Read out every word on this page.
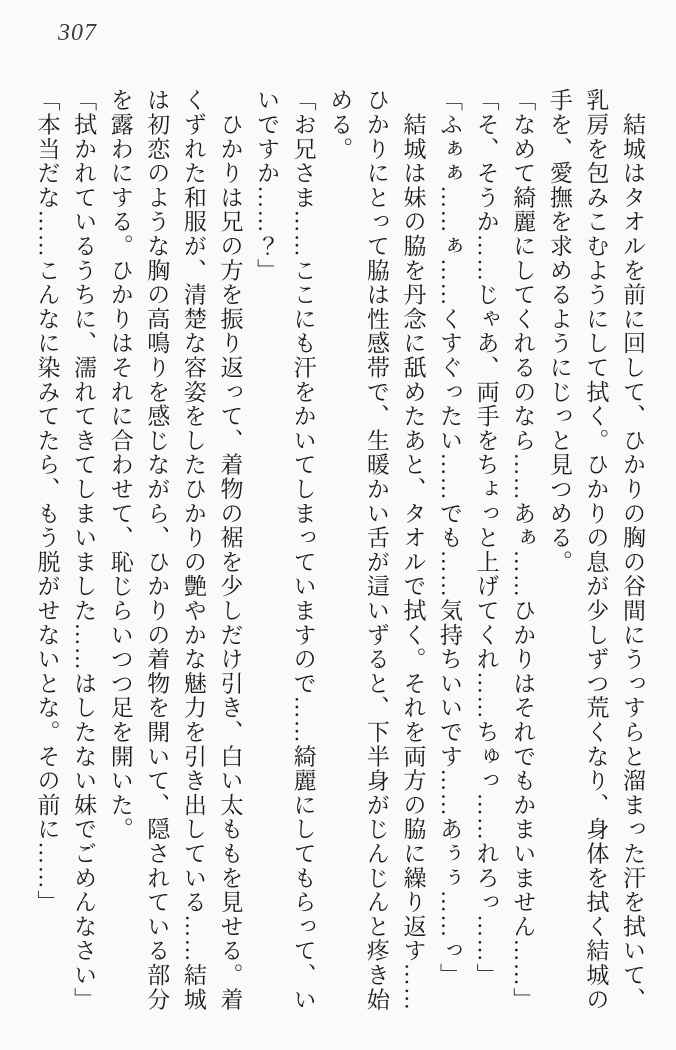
307
　結城はタオルを前に回して、ひかりの胸の谷間にうっすらと溜まった汗を拭いて、
乳房を包みこむようにして拭く。ひかりの息が少しずつ荒くなり、身体を拭く結城の
手を、愛撫を求めるようにじっと見つめる。
「なめて綺麗にしてくれるのなら……あぁ……ひかりはそれでもかまいません……」
「そ、そうか……じゃあ、両手をちょっと上げてくれ……ちゅっ……れろっ……」
「ふぁぁ……ぁ……くすぐったい……でも……気持ちいいです……あぅぅ……っ」
　結城は妹の脇を丹念に舐めたあと、タオルで拭く。それを両方の脇に繰り返す……
ひかりにとって脇は性感帯で、生暖かい舌が這いずると、下半身がじんじんと疼き始
める。
「お兄さま……ここにも汗をかいてしまっていますので……綺麗にしてもらって、い
いですか……？」
　ひかりは兄の方を振り返って、着物の裾を少しだけ引き、白い太ももを見せる。着
くずれた和服が、清楚な容姿をしたひかりの艶やかな魅力を引き出している……結城
は初恋のような胸の高鳴りを感じながら、ひかりの着物を開いて、隠されている部分
を露わにする。ひかりはそれに合わせて、恥じらいつつ足を開いた。
「拭かれているうちに、濡れてきてしまいました……はしたない妹でごめんなさい」
「本当だな……こんなに染みてたら、もう脱がせないとな。その前に……」
